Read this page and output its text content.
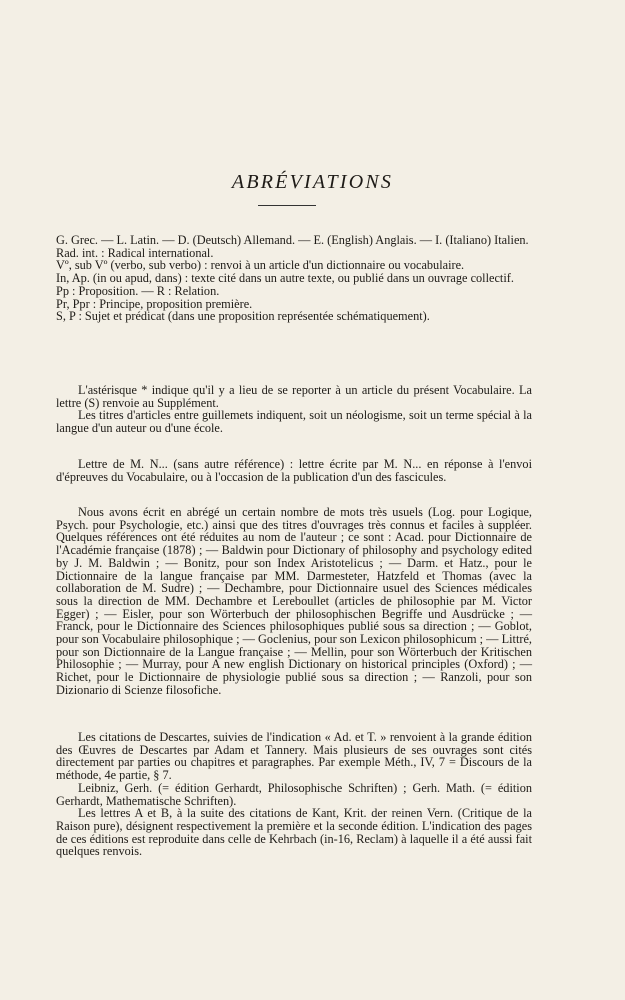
ABRÉVIATIONS

G. Grec. — L. Latin. — D. (Deutsch) Allemand. — E. (English) Anglais. — I. (Italiano) Italien.

Rad. int. : Radical international.

Vº, sub Vº (verbo, sub verbo) : renvoi à un article d'un dictionnaire ou vocabulaire.

In, Ap. (in ou apud, dans) : texte cité dans un autre texte, ou publié dans un ouvrage collectif.

Pp : Proposition. — R : Relation.

Pr, Ppr : Principe, proposition première.

S, P : Sujet et prédicat (dans une proposition représentée schématiquement).

L'astérisque * indique qu'il y a lieu de se reporter à un article du présent Vocabulaire. La lettre (S) renvoie au Supplément.

Les titres d'articles entre guillemets indiquent, soit un néologisme, soit un terme spécial à la langue d'un auteur ou d'une école.

Lettre de M. N... (sans autre référence) : lettre écrite par M. N... en réponse à l'envoi d'épreuves du Vocabulaire, ou à l'occasion de la publication d'un des fascicules.

Nous avons écrit en abrégé un certain nombre de mots très usuels (Log. pour Logique, Psych. pour Psychologie, etc.) ainsi que des titres d'ouvrages très connus et faciles à suppléer. Quelques références ont été réduites au nom de l'auteur ; ce sont : Acad. pour Dictionnaire de l'Académie française (1878) ; — Baldwin pour Dictionary of philosophy and psychology edited by J. M. Baldwin ; — Bonitz, pour son Index Aristotelicus ; — Darm. et Hatz., pour le Dictionnaire de la langue française par MM. Darmesteter, Hatzfeld et Thomas (avec la collaboration de M. Sudre) ; — Dechambre, pour Dictionnaire usuel des Sciences médicales sous la direction de MM. Dechambre et Lereboullet (articles de philosophie par M. Victor Egger) ; — Eisler, pour son Wörterbuch der philosophischen Begriffe und Ausdrücke ; — Franck, pour le Dictionnaire des Sciences philosophiques publié sous sa direction ; — Goblot, pour son Vocabulaire philosophique ; — Goclenius, pour son Lexicon philosophicum ; — Littré, pour son Dictionnaire de la Langue française ; — Mellin, pour son Wörterbuch der Kritischen Philosophie ; — Murray, pour A new english Dictionary on historical principles (Oxford) ; — Richet, pour le Dictionnaire de physiologie publié sous sa direction ; — Ranzoli, pour son Dizionario di Scienze filosofiche.

Les citations de Descartes, suivies de l'indication « Ad. et T. » renvoient à la grande édition des Œuvres de Descartes par Adam et Tannery. Mais plusieurs de ses ouvrages sont cités directement par parties ou chapitres et paragraphes. Par exemple Méth., IV, 7 = Discours de la méthode, 4e partie, § 7.

Leibniz, Gerh. (= édition Gerhardt, Philosophische Schriften) ; Gerh. Math. (= édition Gerhardt, Mathematische Schriften).

Les lettres A et B, à la suite des citations de Kant, Krit. der reinen Vern. (Critique de la Raison pure), désignent respectivement la première et la seconde édition. L'indication des pages de ces éditions est reproduite dans celle de Kehrbach (in-16, Reclam) à laquelle il a été aussi fait quelques renvois.
